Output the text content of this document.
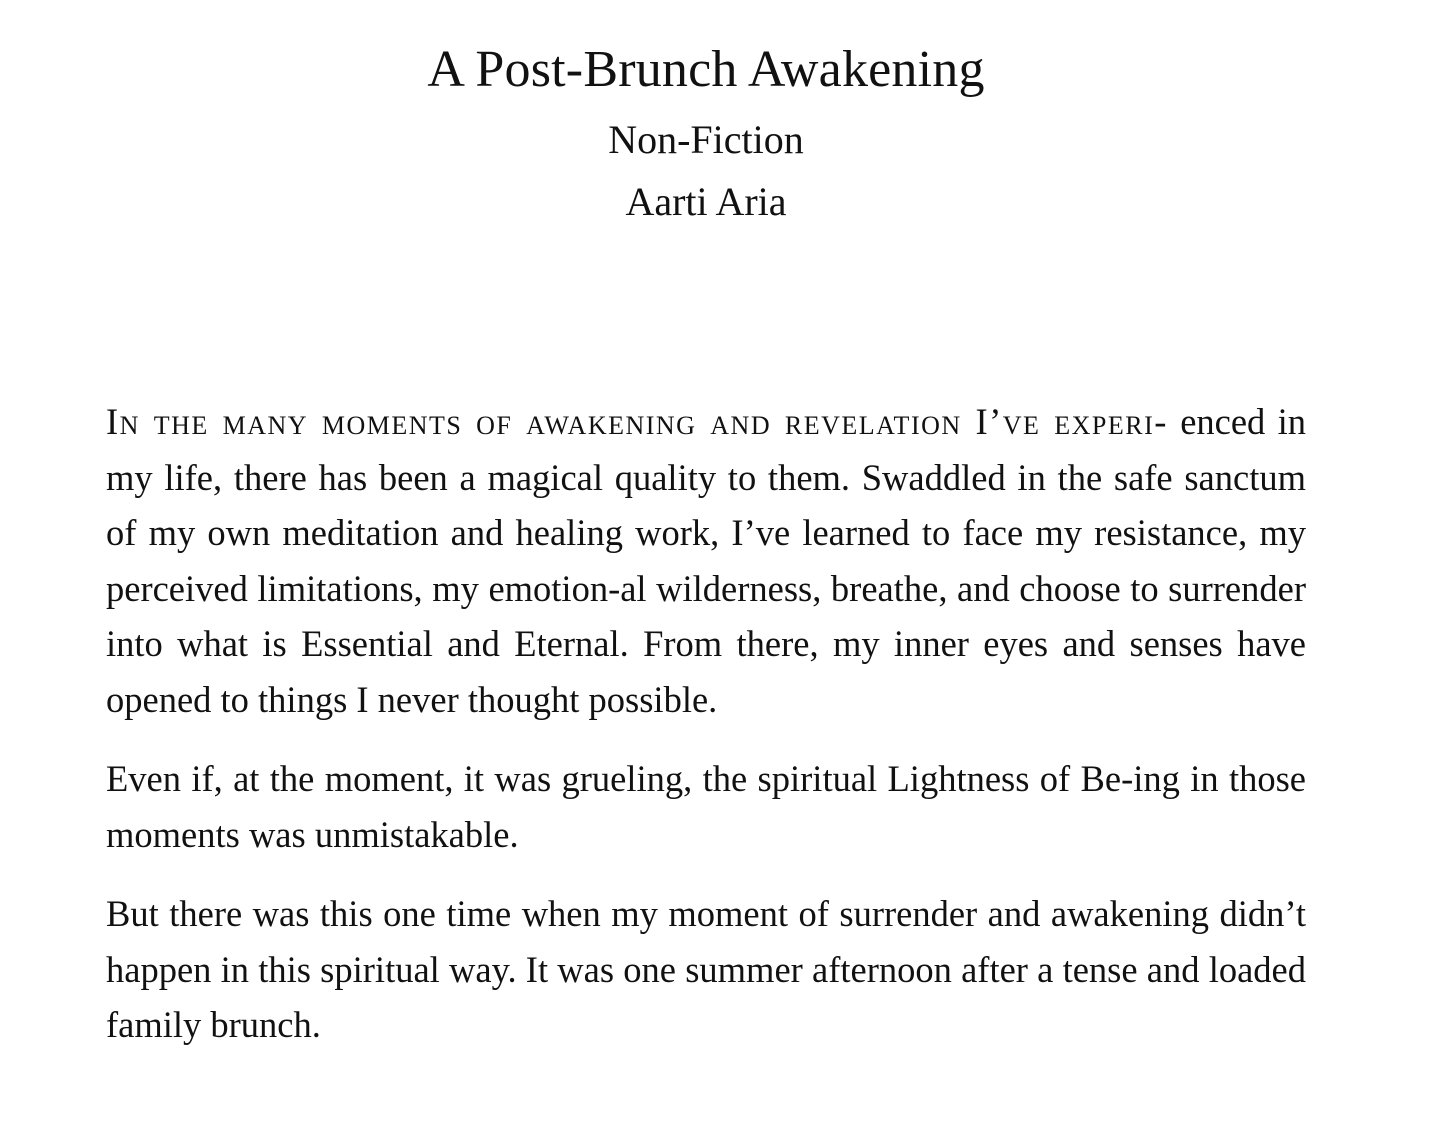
A Post-Brunch Awakening
Non-Fiction
Aarti Aria

In the many moments of awakening and revelation I’ve experi- enced in my life, there has been a magical quality to them. Swaddled in the safe sanctum of my own meditation and healing work, I’ve learned to face my resistance, my perceived limitations, my emotion-al wilderness, breathe, and choose to surrender into what is Essential and Eternal. From there, my inner eyes and senses have opened to things I never thought possible.

Even if, at the moment, it was grueling, the spiritual Lightness of Be-ing in those moments was unmistakable.

But there was this one time when my moment of surrender and awakening didn’t happen in this spiritual way. It was one summer afternoon after a tense and loaded family brunch.
